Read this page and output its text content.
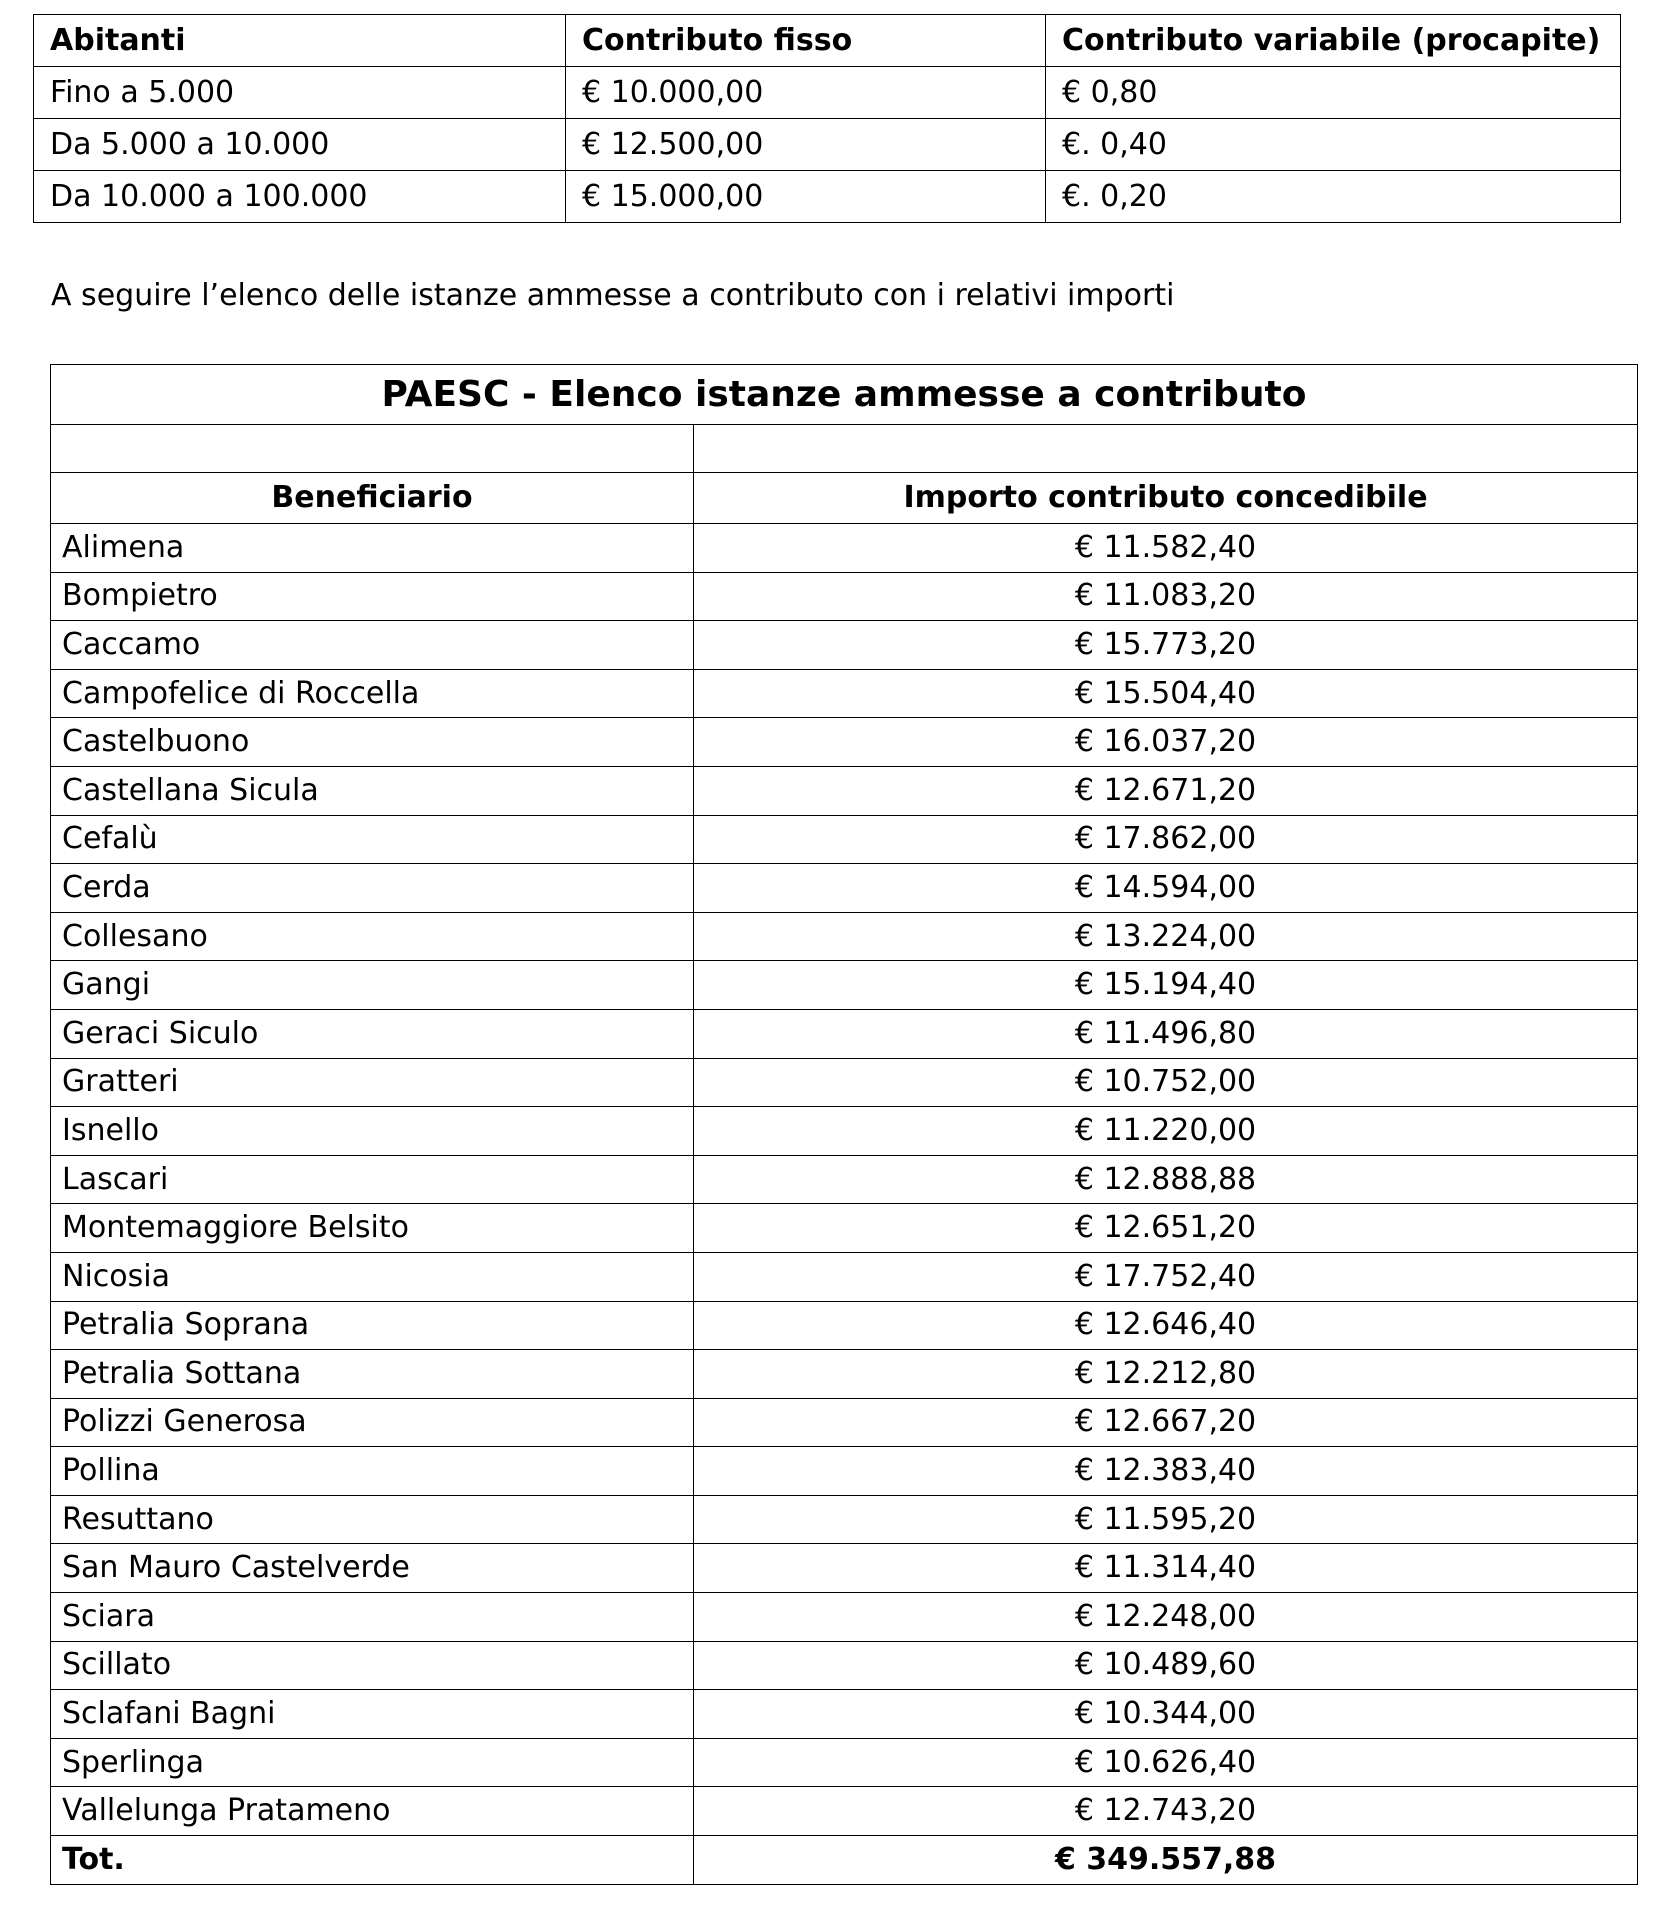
Abitanti	Contributo fisso	Contributo variabile (procapite)
Fino a 5.000	€ 10.000,00	€ 0,80
Da 5.000 a 10.000	€ 12.500,00	€. 0,40
Da 10.000 a 100.000	€ 15.000,00	€. 0,20
A seguire l’elenco delle istanze ammesse a contributo con i relativi importi
PAESC - Elenco istanze ammesse a contributo	

Beneficiario	Importo contributo concedibile
Alimena	€ 11.582,40
Bompietro	€ 11.083,20
Caccamo	€ 15.773,20
Campofelice di Roccella	€ 15.504,40
Castelbuono	€ 16.037,20
Castellana Sicula	€ 12.671,20
Cefalù	€ 17.862,00
Cerda	€ 14.594,00
Collesano	€ 13.224,00
Gangi	€ 15.194,40
Geraci Siculo	€ 11.496,80
Gratteri	€ 10.752,00
Isnello	€ 11.220,00
Lascari	€ 12.888,88
Montemaggiore Belsito	€ 12.651,20
Nicosia	€ 17.752,40
Petralia Soprana	€ 12.646,40
Petralia Sottana	€ 12.212,80
Polizzi Generosa	€ 12.667,20
Pollina	€ 12.383,40
Resuttano	€ 11.595,20
San Mauro Castelverde	€ 11.314,40
Sciara	€ 12.248,00
Scillato	€ 10.489,60
Sclafani Bagni	€ 10.344,00
Sperlinga	€ 10.626,40
Vallelunga Pratameno	€ 12.743,20
Tot.	€ 349.557,88
